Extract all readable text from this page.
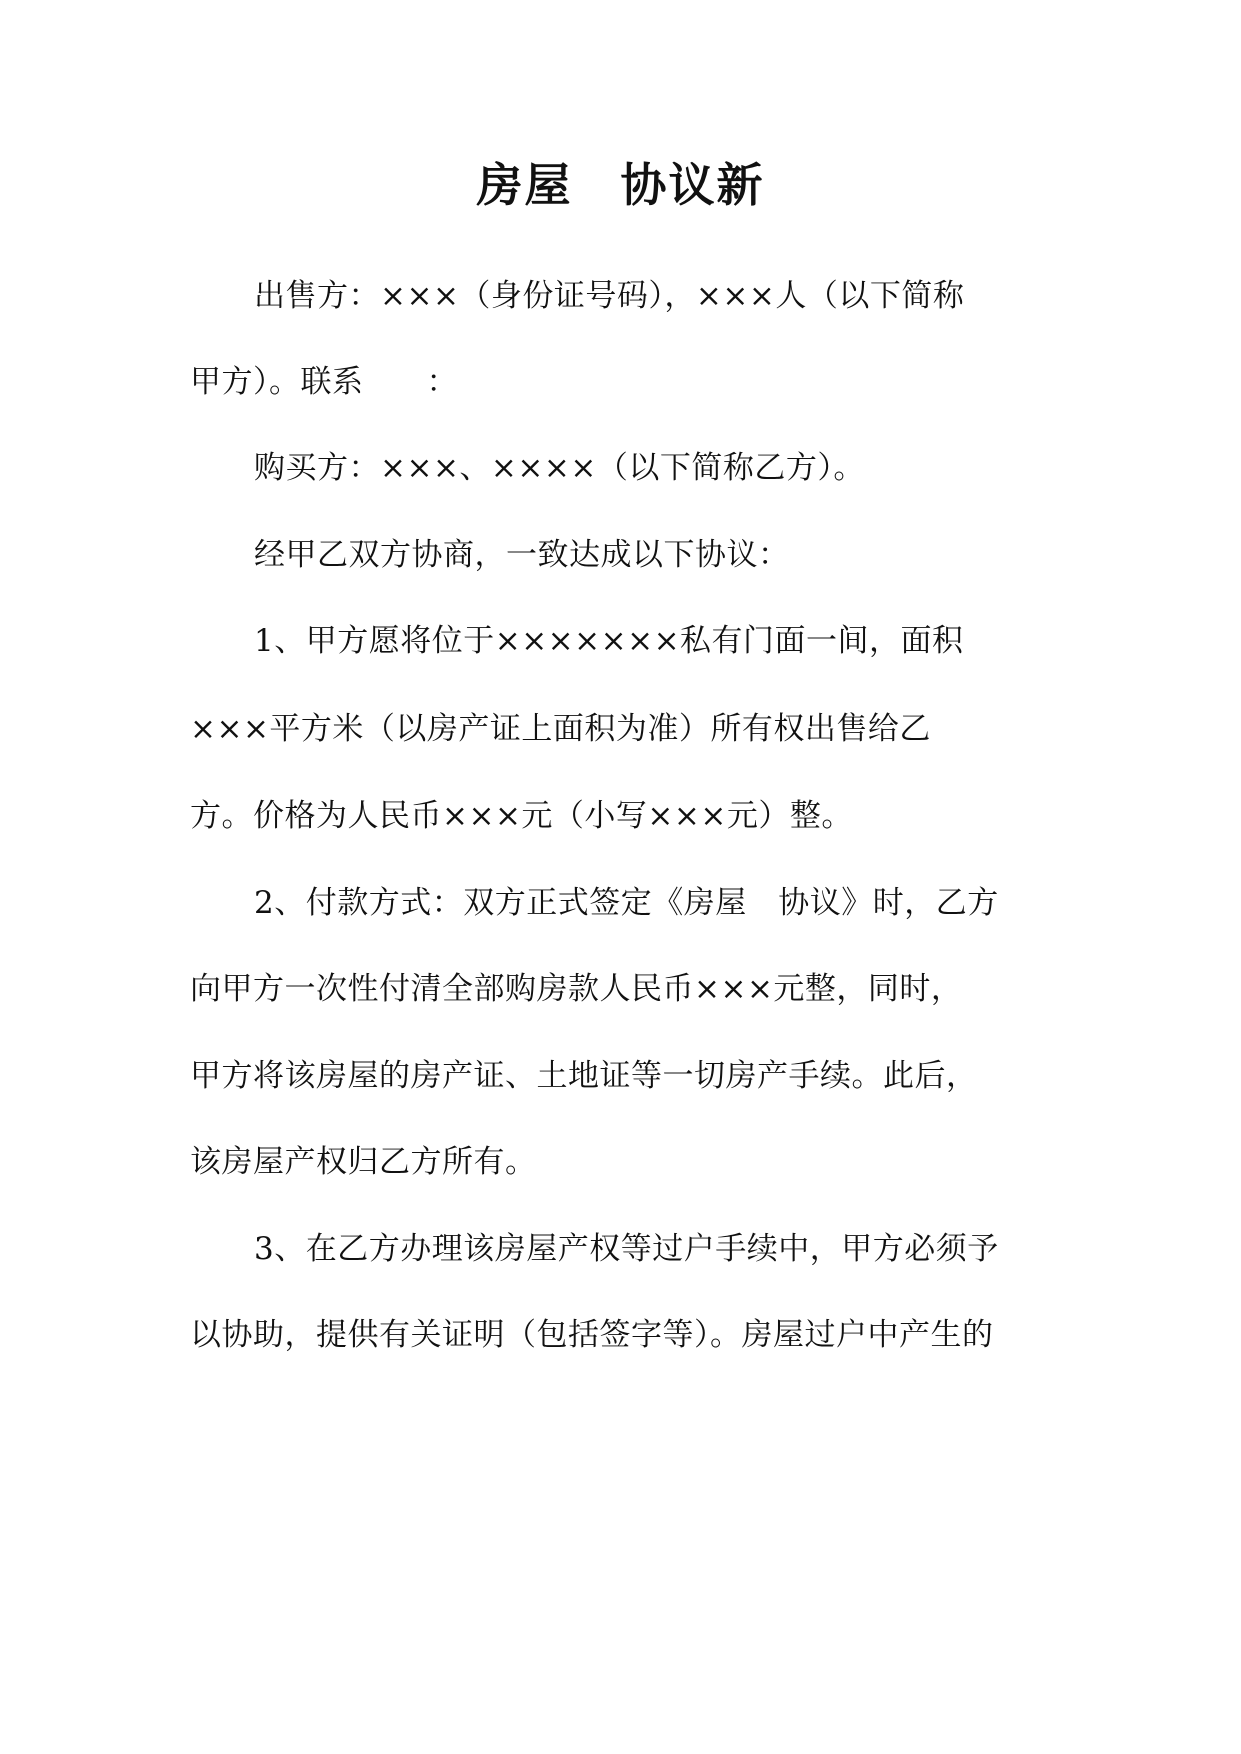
房屋　协议新
出售方：×××（身份证号码），×××人（以下简称
甲方）。联系　　：
购买方：×××、××××（以下简称乙方）。
经甲乙双方协商，一致达成以下协议：
1、甲方愿将位于×××××××私有门面一间，面积
×××平方米（以房产证上面积为准）所有权出售给乙
方。价格为人民币×××元（小写×××元）整。
2、付款方式：双方正式签定《房屋　协议》时，乙方
向甲方一次性付清全部购房款人民币×××元整，同时，
甲方将该房屋的房产证、土地证等一切房产手续。此后，
该房屋产权归乙方所有。
3、在乙方办理该房屋产权等过户手续中，甲方必须予
以协助，提供有关证明（包括签字等）。房屋过户中产生的
